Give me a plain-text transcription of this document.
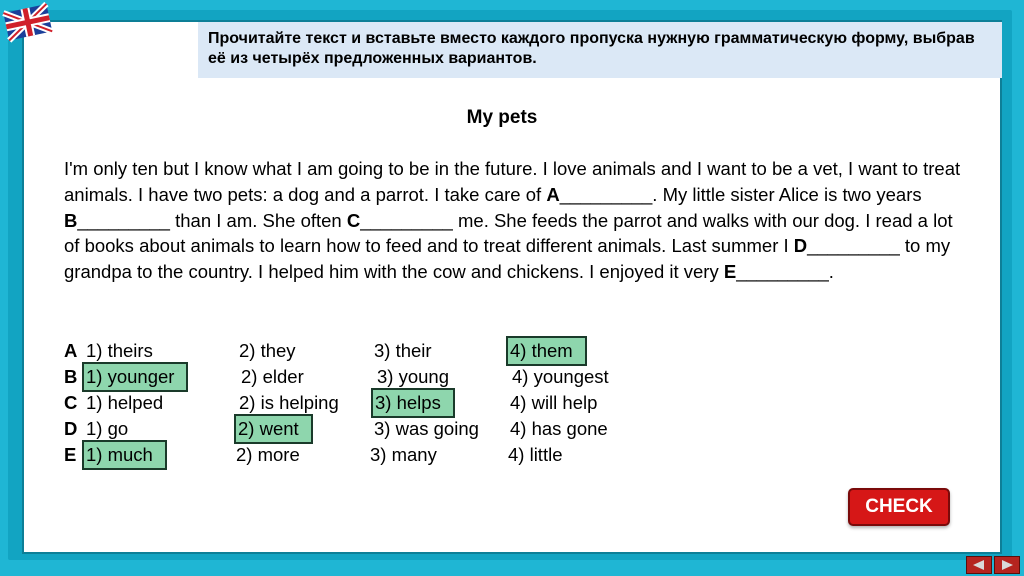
Прочитайте текст и вставьте вместо каждого пропуска нужную грамматическую форму, выбрав её из четырёх предложенных вариантов.
My pets
I'm only ten but I know what I am going to be in the future. I love animals and I want to be a vet, I want to treat animals. I have two pets: a dog and a parrot. I take care of A_________. My little sister Alice is two years B_________ than I am. She often C_________ me. She feeds the parrot and walks with our dog. I read a lot of books about animals to learn how to feed and to treat different animals. Last summer I D_________ to my grandpa to the country. I helped him with the cow and chickens. I enjoyed it very E_________.
A 1) theirs	2) they	3) their	4) them
B 1) younger	2) elder	3) young	4) youngest
C 1) helped	2) is helping 3) helps	4) will help
D 1) go	2) went	3) was going 4) has gone
E 1) much	2) more	3) many	4) little
CHECK
